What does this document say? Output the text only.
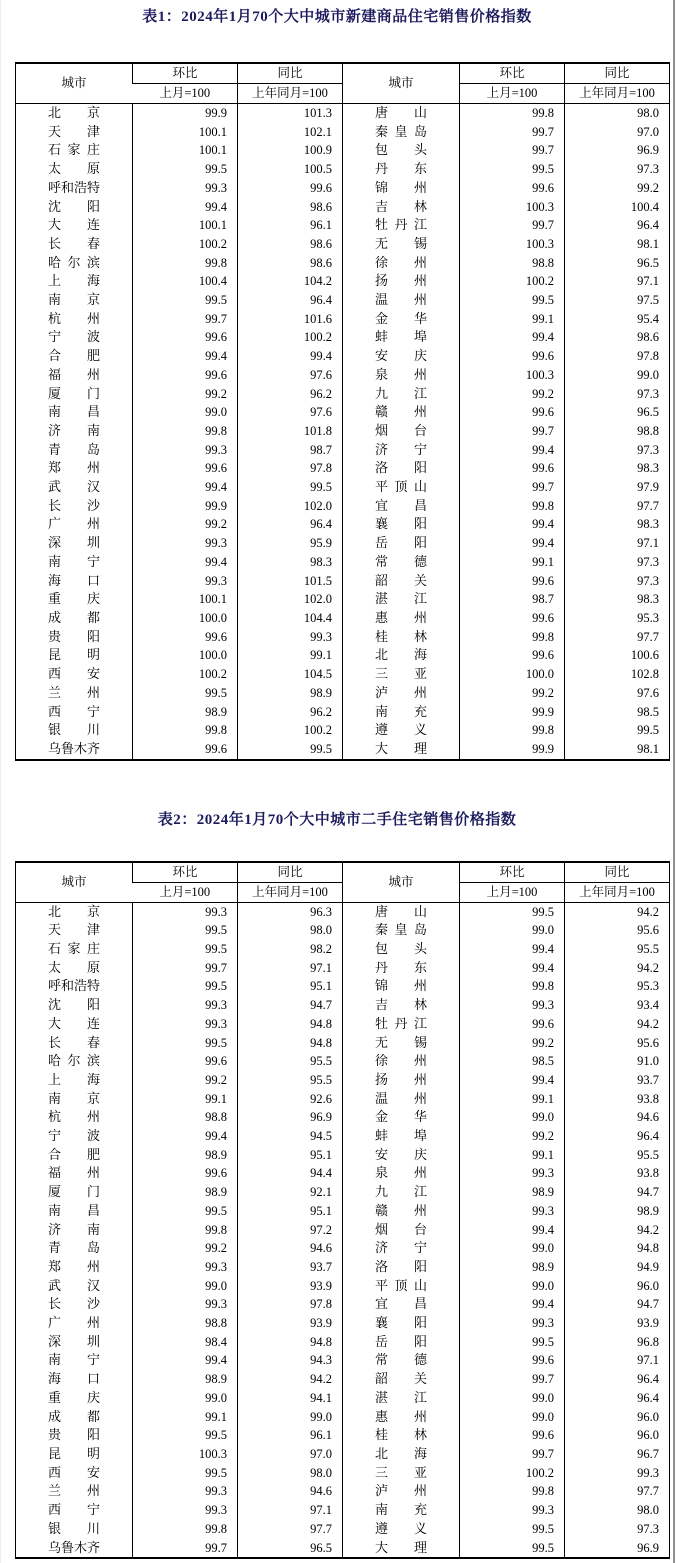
表1：2024年1月70个大中城市新建商品住宅销售价格指数
城市	环比	同比	城市	环比	同比
	上月=100	上年同月=100		上月=100	上年同月=100
北京	99.9	101.3	唐山	99.8	98.0
天津	100.1	102.1	秦皇岛	99.7	97.0
石家庄	100.1	100.9	包头	99.7	96.9
太原	99.5	100.5	丹东	99.5	97.3
呼和浩特	99.3	99.6	锦州	99.6	99.2
沈阳	99.4	98.6	吉林	100.3	100.4
大连	100.1	96.1	牡丹江	99.7	96.4
长春	100.2	98.6	无锡	100.3	98.1
哈尔滨	99.8	98.6	徐州	98.8	96.5
上海	100.4	104.2	扬州	100.2	97.1
南京	99.5	96.4	温州	99.5	97.5
杭州	99.7	101.6	金华	99.1	95.4
宁波	99.6	100.2	蚌埠	99.4	98.6
合肥	99.4	99.4	安庆	99.6	97.8
福州	99.6	97.6	泉州	100.3	99.0
厦门	99.2	96.2	九江	99.2	97.3
南昌	99.0	97.6	赣州	99.6	96.5
济南	99.8	101.8	烟台	99.7	98.8
青岛	99.3	98.7	济宁	99.4	97.3
郑州	99.6	97.8	洛阳	99.6	98.3
武汉	99.4	99.5	平顶山	99.7	97.9
长沙	99.9	102.0	宜昌	99.8	97.7
广州	99.2	96.4	襄阳	99.4	98.3
深圳	99.3	95.9	岳阳	99.4	97.1
南宁	99.4	98.3	常德	99.1	97.3
海口	99.3	101.5	韶关	99.6	97.3
重庆	100.1	102.0	湛江	98.7	98.3
成都	100.0	104.4	惠州	99.6	95.3
贵阳	99.6	99.3	桂林	99.8	97.7
昆明	100.0	99.1	北海	99.6	100.6
西安	100.2	104.5	三亚	100.0	102.8
兰州	99.5	98.9	泸州	99.2	97.6
西宁	98.9	96.2	南充	99.9	98.5
银川	99.8	100.2	遵义	99.8	99.5
乌鲁木齐	99.6	99.5	大理	99.9	98.1
表2：2024年1月70个大中城市二手住宅销售价格指数
城市	环比	同比	城市	环比	同比
	上月=100	上年同月=100		上月=100	上年同月=100
北京	99.3	96.3	唐山	99.5	94.2
天津	99.5	98.0	秦皇岛	99.0	95.6
石家庄	99.5	98.2	包头	99.4	95.5
太原	99.7	97.1	丹东	99.4	94.2
呼和浩特	99.5	95.1	锦州	99.8	95.3
沈阳	99.3	94.7	吉林	99.3	93.4
大连	99.3	94.8	牡丹江	99.6	94.2
长春	99.5	94.8	无锡	99.2	95.6
哈尔滨	99.6	95.5	徐州	98.5	91.0
上海	99.2	95.5	扬州	99.4	93.7
南京	99.1	92.6	温州	99.1	93.8
杭州	98.8	96.9	金华	99.0	94.6
宁波	99.4	94.5	蚌埠	99.2	96.4
合肥	98.9	95.1	安庆	99.1	95.5
福州	99.6	94.4	泉州	99.3	93.8
厦门	98.9	92.1	九江	98.9	94.7
南昌	99.5	95.1	赣州	99.3	98.9
济南	99.8	97.2	烟台	99.4	94.2
青岛	99.2	94.6	济宁	99.0	94.8
郑州	99.3	93.7	洛阳	98.9	94.9
武汉	99.0	93.9	平顶山	99.0	96.0
长沙	99.3	97.8	宜昌	99.4	94.7
广州	98.8	93.9	襄阳	99.3	93.9
深圳	98.4	94.8	岳阳	99.5	96.8
南宁	99.4	94.3	常德	99.6	97.1
海口	98.9	94.2	韶关	99.7	96.4
重庆	99.0	94.1	湛江	99.0	96.4
成都	99.1	99.0	惠州	99.0	96.0
贵阳	99.5	96.1	桂林	99.6	96.0
昆明	100.3	97.0	北海	99.7	96.7
西安	99.5	98.0	三亚	100.2	99.3
兰州	99.3	94.6	泸州	99.8	97.7
西宁	99.3	97.1	南充	99.3	98.0
银川	99.8	97.7	遵义	99.5	97.3
乌鲁木齐	99.7	96.5	大理	99.5	96.9
